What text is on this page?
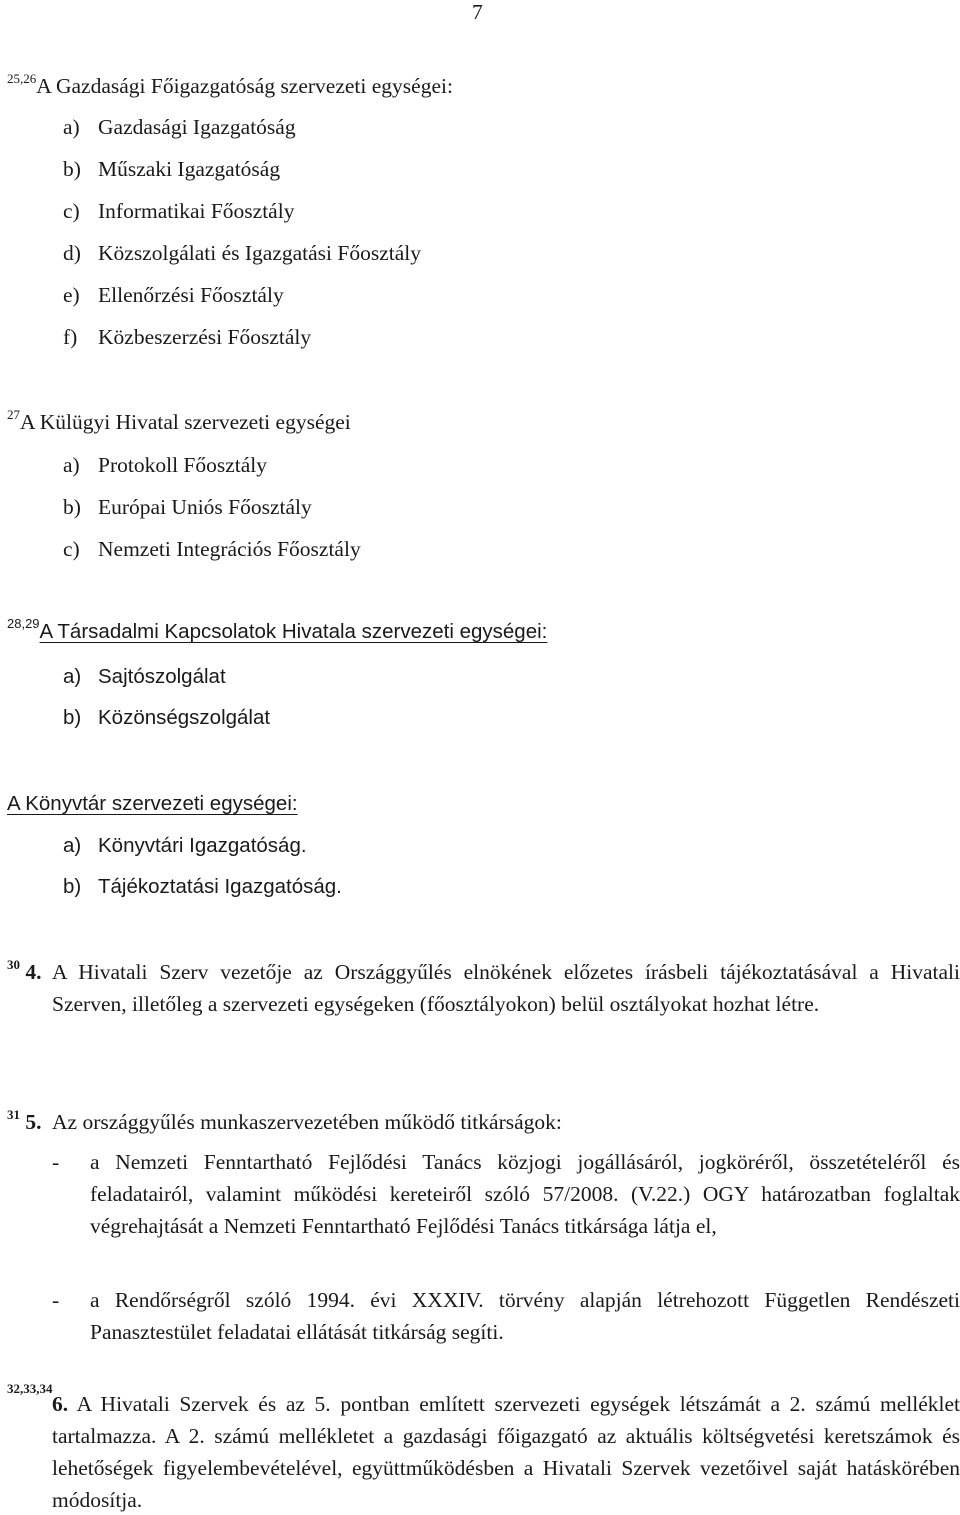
7
$^{25,26}$A Gazdasági Főigazgatóság szervezeti egységei:
a) Gazdasági Igazgatóság
b) Műszaki Igazgatóság
c) Informatikai Főosztály
d) Közszolgálati és Igazgatási Főosztály
e) Ellenőrzési Főosztály
f) Közbeszerzési Főosztály
$^{27}$A Külügyi Hivatal szervezeti egységei
a) Protokoll Főosztály
b) Európai Uniós Főosztály
c) Nemzeti Integrációs Főosztály
$^{28,29}$A Társadalmi Kapcsolatok Hivatala szervezeti egységei:
a) Sajtószolgálat
b) Közönségszolgálat
A Könyvtár szervezeti egységei:
a) Könyvtári Igazgatóság.
b) Tájékoztatási Igazgatóság.
$^{30}$ 4. A Hivatali Szerv vezetője az Országgyűlés elnökének előzetes írásbeli tájékoztatásával a Hivatali Szerven, illetőleg a szervezeti egységeken (főosztályokon) belül osztályokat hozhat létre.
$^{31}$ 5. Az országgyűlés munkaszervezetében működő titkárságok:
- a Nemzeti Fenntartható Fejlődési Tanács közjogi jogállásáról, jogköréről, összetételéről és feladatairól, valamint működési kereteiről szóló 57/2008. (V.22.) OGY határozatban foglaltak végrehajtását a Nemzeti Fenntartható Fejlődési Tanács titkársága látja el,
- a Rendőrségről szóló 1994. évi XXXIV. törvény alapján létrehozott Független Rendészeti Panasztestület feladatai ellátását titkárság segíti.
$^{32,33,34}$
6. A Hivatali Szervek és az 5. pontban említett szervezeti egységek létszámát a 2. számú melléklet tartalmazza. A 2. számú mellékletet a gazdasági főigazgató az aktuális költségvetési keretszámok és lehetőségek figyelembevételével, együttműködésben a Hivatali Szervek vezetőivel saját hatáskörében módosítja.
